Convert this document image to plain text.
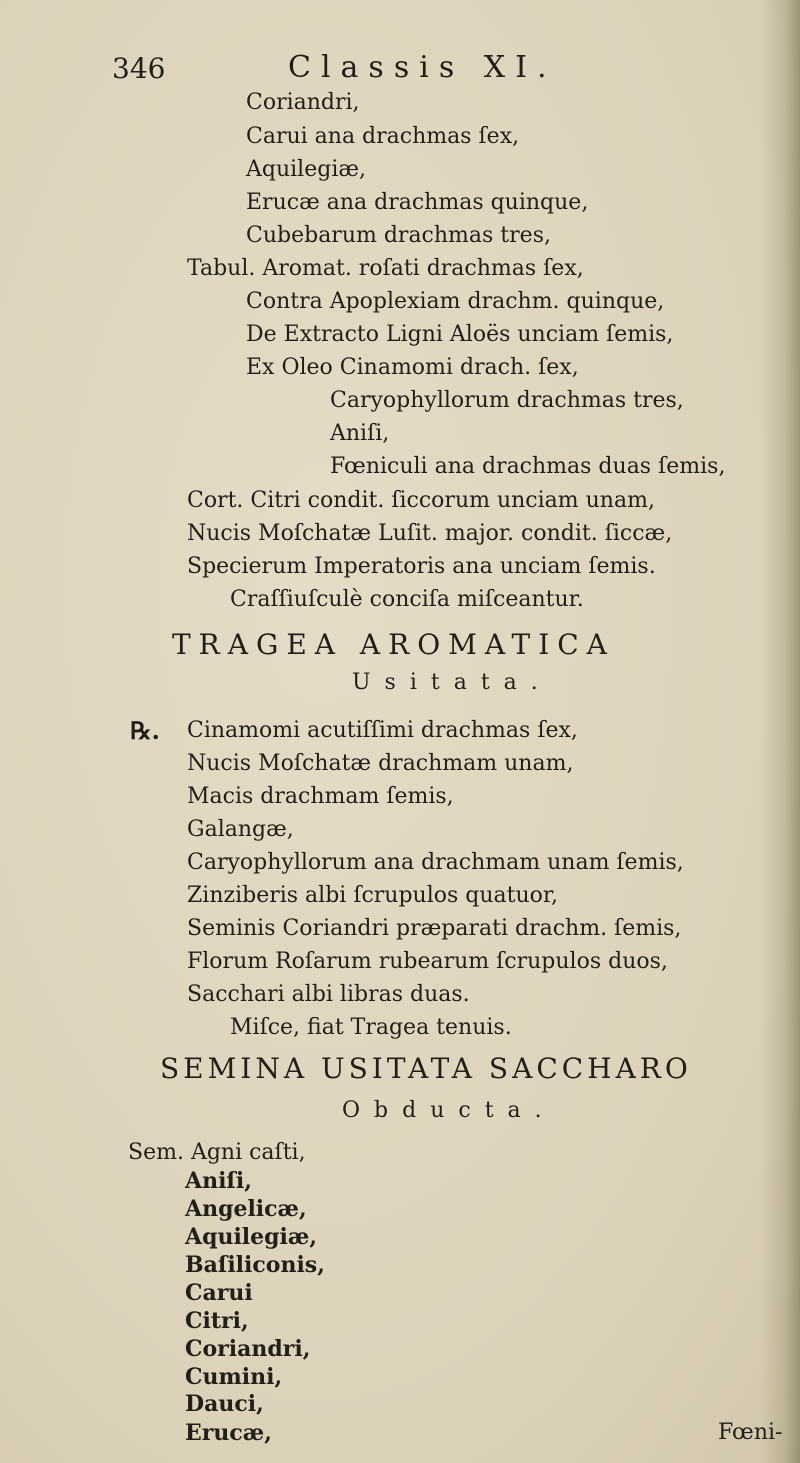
346	Classis XI.
Coriandri,
Carui ana drachmas ſex,
Aquilegiæ,
Erucæ ana drachmas quinque,
Cubebarum drachmas tres,
Tabul. Aromat. roſati drachmas ſex,
Contra Apoplexiam drachm. quinque,
De Extracto Ligni Aloës unciam ſemis,
Ex Oleo Cinamomi drach. ſex,
Caryophyllorum drachmas tres,
Aniſi,
Fœniculi ana drachmas duas ſemis,
Cort. Citri condit. ſiccorum unciam unam,
Nucis Moſchatæ Luſit. major. condit. ſiccæ,
Specierum Imperatoris ana unciam ſemis.
Craſſiuſculè conciſa miſceantur.
TRAGEA AROMATICA
Usitata.
℞. Cinamomi acutiſſimi drachmas ſex,
Nucis Moſchatæ drachmam unam,
Macis drachmam ſemis,
Galangæ,
Caryophyllorum ana drachmam unam ſemis,
Zinziberis albi ſcrupulos quatuor,
Seminis Coriandri præparati drachm. ſemis,
Florum Roſarum rubearum ſcrupulos duos,
Sacchari albi libras duas.
Miſce, fiat Tragea tenuis.
SEMINA USITATA SACCHARO
Obducta.
Sem. Agni caſti,
Aniſi,
Angelicæ,
Aquilegiæ,
Baſiliconis,
Carui
Citri,
Coriandri,
Cumini,
Dauci,
Fœni-
Erucæ,
